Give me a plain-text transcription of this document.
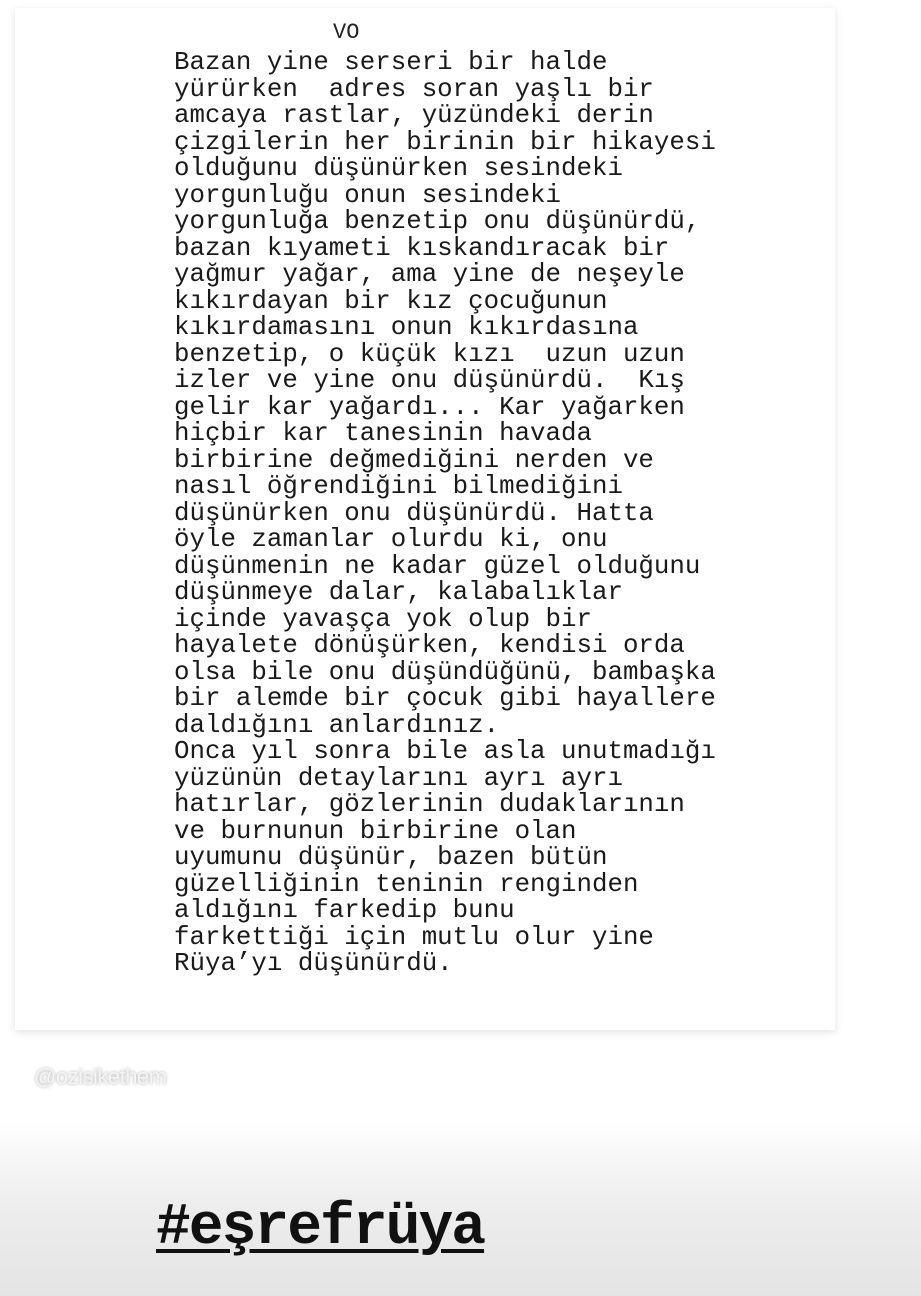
VO
Bazan yine serseri bir halde
yürürken  adres soran yaşlı bir
amcaya rastlar, yüzündeki derin
çizgilerin her birinin bir hikayesi
olduğunu düşünürken sesindeki
yorgunluğu onun sesindeki
yorgunluğa benzetip onu düşünürdü,
bazan kıyameti kıskandıracak bir
yağmur yağar, ama yine de neşeyle
kıkırdayan bir kız çocuğunun
kıkırdamasını onun kıkırdasına
benzetip, o küçük kızı  uzun uzun
izler ve yine onu düşünürdü.  Kış
gelir kar yağardı... Kar yağarken
hiçbir kar tanesinin havada
birbirine değmediğini nerden ve
nasıl öğrendiğini bilmediğini
düşünürken onu düşünürdü. Hatta
öyle zamanlar olurdu ki, onu
düşünmenin ne kadar güzel olduğunu
düşünmeye dalar, kalabalıklar
içinde yavaşça yok olup bir
hayalete dönüşürken, kendisi orda
olsa bile onu düşündüğünü, bambaşka
bir alemde bir çocuk gibi hayallere
daldığını anlardınız.
Onca yıl sonra bile asla unutmadığı
yüzünün detaylarını ayrı ayrı
hatırlar, gözlerinin dudaklarının
ve burnunun birbirine olan
uyumunu düşünür, bazen bütün
güzelliğinin teninin renginden
aldığını farkedip bunu
farkettiği için mutlu olur yine
Rüya’yı düşünürdü.
@ozisikethem
#eşrefrüya
